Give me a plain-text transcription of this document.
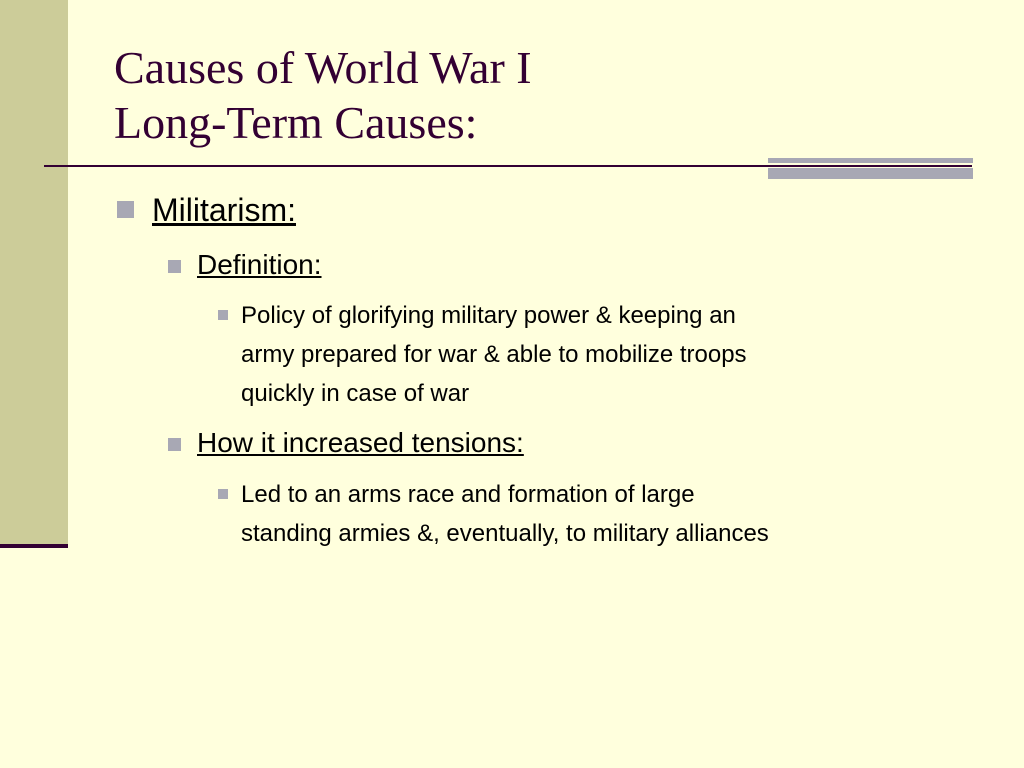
Causes of World War I
Long-Term Causes:
Militarism:
Definition:
Policy of glorifying military power & keeping an
army prepared for war & able to mobilize troops
quickly in case of war
How it increased tensions:
Led to an arms race and formation of large
standing armies &, eventually, to military alliances
